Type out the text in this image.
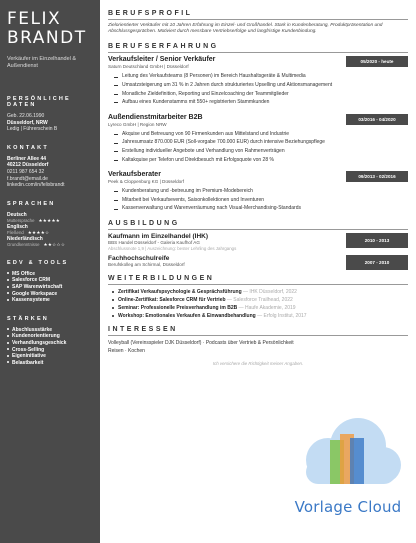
FELIX
BRANDT
Verkäufer im Einzelhandel & Außendienst
PERSÖNLICHE DATEN
Geb. 22.06.1990
Düsseldorf, NRW
Ledig | Führerschein B
KONTAKT
Berliner Allee 44
40212 Düsseldorf
0211 987 654 32
f.brandt@email.de
linkedin.com/in/felixbrandt
SPRACHEN
Deutsch
Muttersprache ★★★★★
Englisch
Fließend ★★★★☆
Niederländisch
Grundkenntnisse ★★☆☆☆
EDV & TOOLS
MS Office
Salesforce CRM
SAP Warenwirtschaft
Google Workspace
Kassensysteme
STÄRKEN
Abschlussstärke
Kundenorientierung
Verhandlungsgeschick
Cross-Selling
Eigeninitiative
Belastbarkeit
BERUFSPROFIL
Zielorientierter Verkäufer mit 10 Jahren Erfahrung im Einzel- und Großhandel. Stark in Kundenberatung, Produktpräsentation und Abschlussgesprächen. Motiviert durch messbare Vertriebserfolge und langfristige Kundenbindung.
BERUFSERFAHRUNG
Verkaufsleiter / Senior Verkäufer
Saturn Deutschland GmbH | Düsseldorf
05/2020 - heute
Leitung des Verkaufsteams (8 Personen) im Bereich Haushaltsgeräte & Multimedia
Umsatzsteigerung um 31 % in 2 Jahren durch strukturiertes Upselling und Aktionsmanagement
Monatliche Zieldefinition, Reporting und Einzelcoaching der Teammitglieder
Aufbau eines Kundenstamms mit 550+ registrierten Stammkunden
Außendienstmitarbeiter B2B
Lyreco GmbH | Region NRW
03/2016 - 04/2020
Akquise und Betreuung von 90 Firmenkunden aus Mittelstand und Industrie
Jahresumsatz 870.000 EUR (Soll-vorgabe 700.000 EUR) durch intensive Beziehungspflege
Erstellung individueller Angebote und Verhandlung von Rahmenverträgen
Kaltakquise per Telefon und Direktbesuch mit Erfolgsquote von 28 %
Verkaufsberater
Peek & Cloppenburg KG | Düsseldorf
09/2013 - 02/2016
Kundenberatung und -betreuung im Premium-Modebereich
Mitarbeit bei Verkaufsevents, Saisonkollektionen und Inventuren
Kassenverwaltung und Warenverräumung nach Visual-Merchandising-Standards
AUSBILDUNG
Kaufmann im Einzelhandel (IHK)
BBS Handel Düsseldorf - Galeria Kaufhof AG
Abschlussnote 1,9 | Auszeichnung: bester Lehrling des Jahrgangs
2010 - 2013
Fachhochschulreife
Berufskolleg am Schirmal, Düsseldorf	2007 - 2010
WEITERBILDUNGEN
Zertifikat Verkaufspsychologie & Gesprächsführung — IHK Düsseldorf, 2022
Online-Zertifikat: Salesforce CRM für Vertrieb — Salesforce Trailhead, 2022
Seminar: Professionelle Preisverhandlung im B2B — Haufe Akademie, 2019
Workshop: Emotionales Verkaufen & Einwandbehandlung — Erfolg Institut, 2017
INTERESSEN
Volleyball (Vereinsspieler DJK Düsseldorf) · Podcasts über Vertrieb & Persönlichkeit
Reisen · Kochen
Ich versichere die Richtigkeit meiner Angaben.
Vorlage Cloud
